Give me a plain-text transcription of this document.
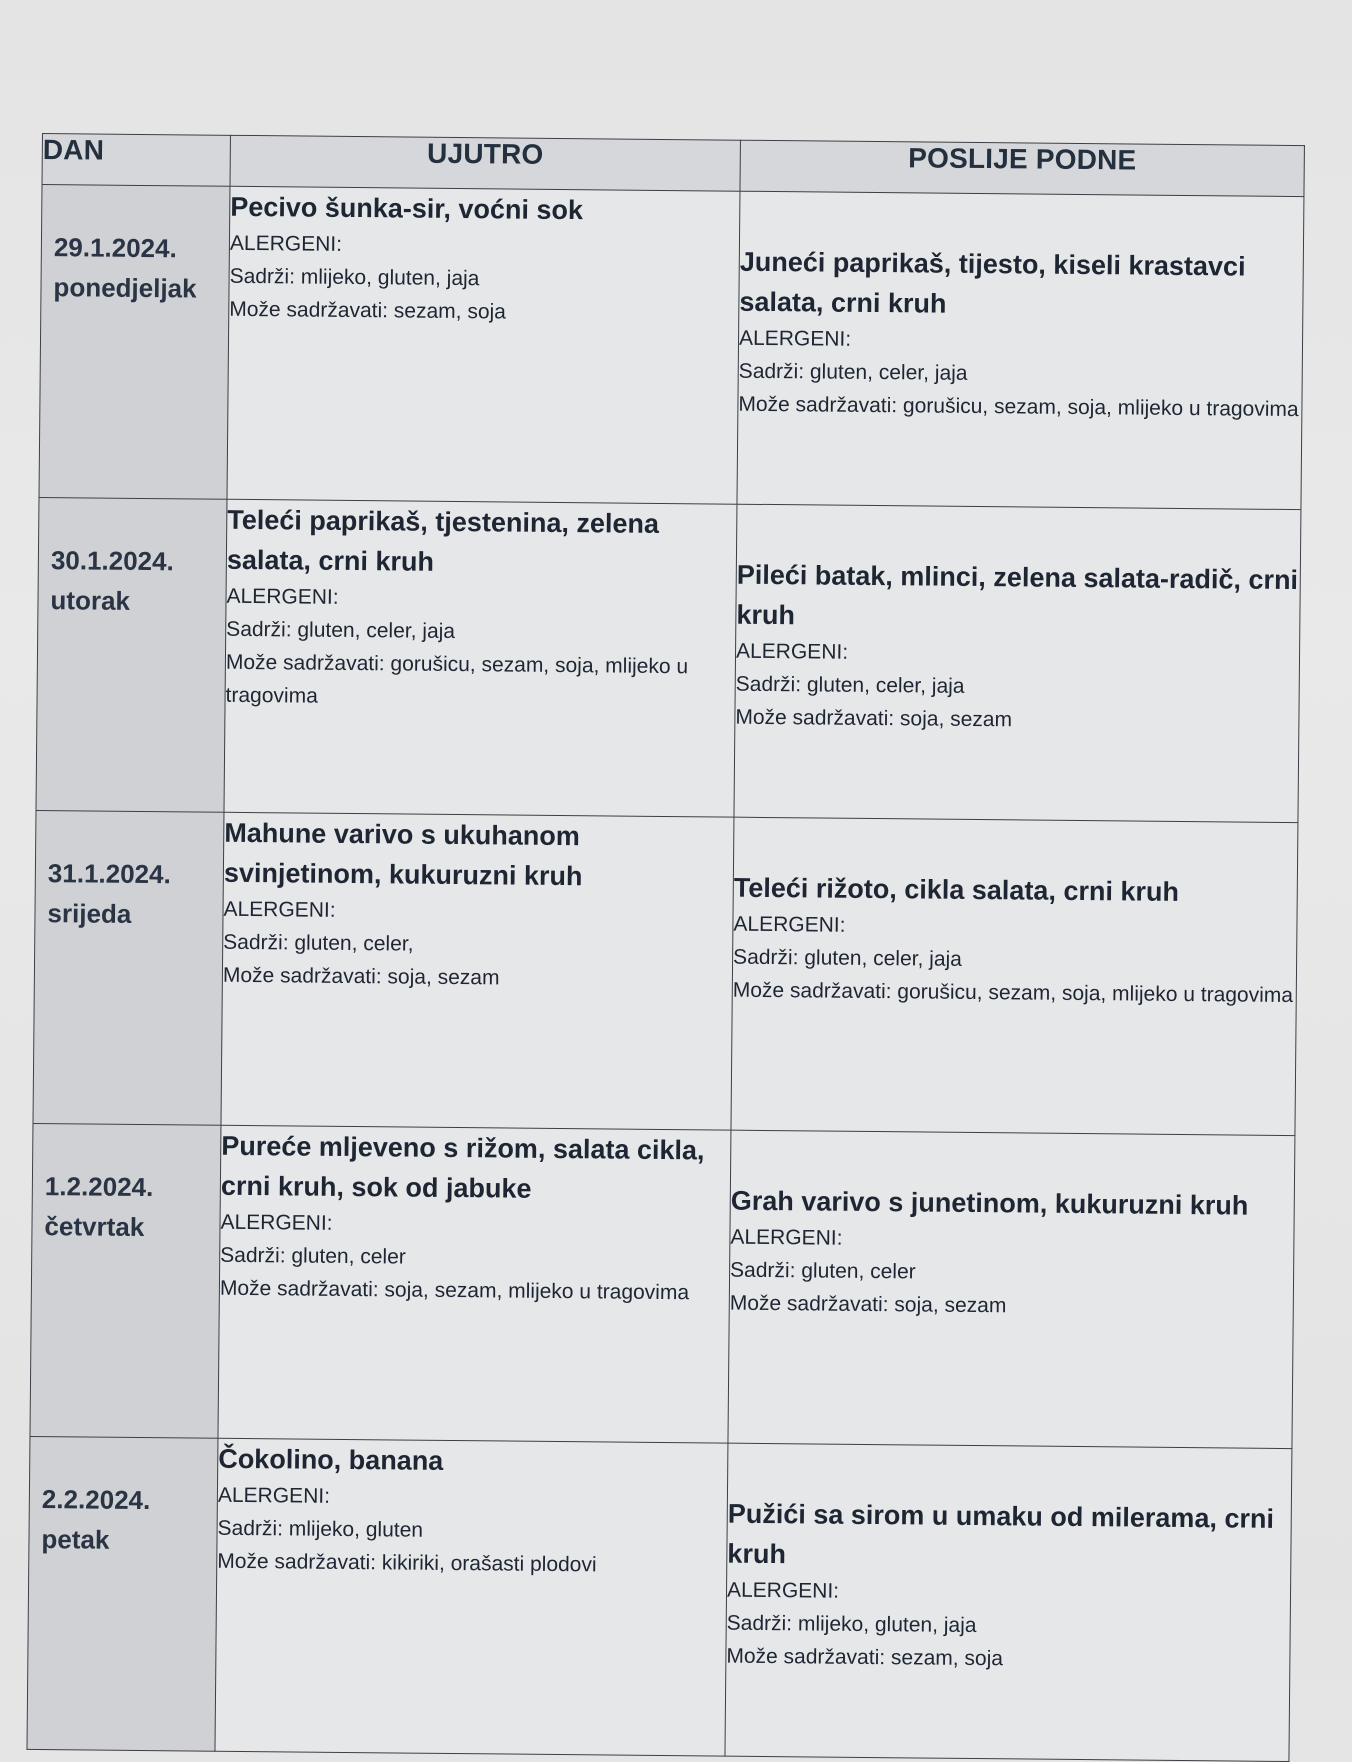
DAN	UJUTRO	POSLIJE PODNE

29.1.2024.
ponedjeljak	Pecivo šunka-sir, voćni sok
ALERGENI:
Sadrži: mlijeko, gluten, jaja
Može sadržavati: sezam, soja	Juneći paprikaš, tijesto, kiseli krastavci salata, crni kruh
ALERGENI:
Sadrži: gluten, celer, jaja
Može sadržavati: gorušicu, sezam, soja, mlijeko u tragovima

30.1.2024.
utorak	Teleći paprikaš, tjestenina, zelena salata, crni kruh
ALERGENI:
Sadrži: gluten, celer, jaja
Može sadržavati: gorušicu, sezam, soja, mlijeko u tragovima	Pileći batak, mlinci, zelena salata-radič, crni kruh
ALERGENI:
Sadrži: gluten, celer, jaja
Može sadržavati: soja, sezam

31.1.2024.
srijeda	Mahune varivo s ukuhanom svinjetinom, kukuruzni kruh
ALERGENI:
Sadrži: gluten, celer,
Može sadržavati: soja, sezam	Teleći rižoto, cikla salata, crni kruh
ALERGENI:
Sadrži: gluten, celer, jaja
Može sadržavati: gorušicu, sezam, soja, mlijeko u tragovima

1.2.2024.
četvrtak	Pureće mljeveno s rižom, salata cikla, crni kruh, sok od jabuke
ALERGENI:
Sadrži: gluten, celer
Može sadržavati: soja, sezam, mlijeko u tragovima	Grah varivo s junetinom, kukuruzni kruh
ALERGENI:
Sadrži: gluten, celer
Može sadržavati: soja, sezam

2.2.2024.
petak	Čokolino, banana
ALERGENI:
Sadrži: mlijeko, gluten
Može sadržavati: kikiriki, orašasti plodovi	Pužići sa sirom u umaku od milerama, crni kruh
ALERGENI:
Sadrži: mlijeko, gluten, jaja
Može sadržavati: sezam, soja
